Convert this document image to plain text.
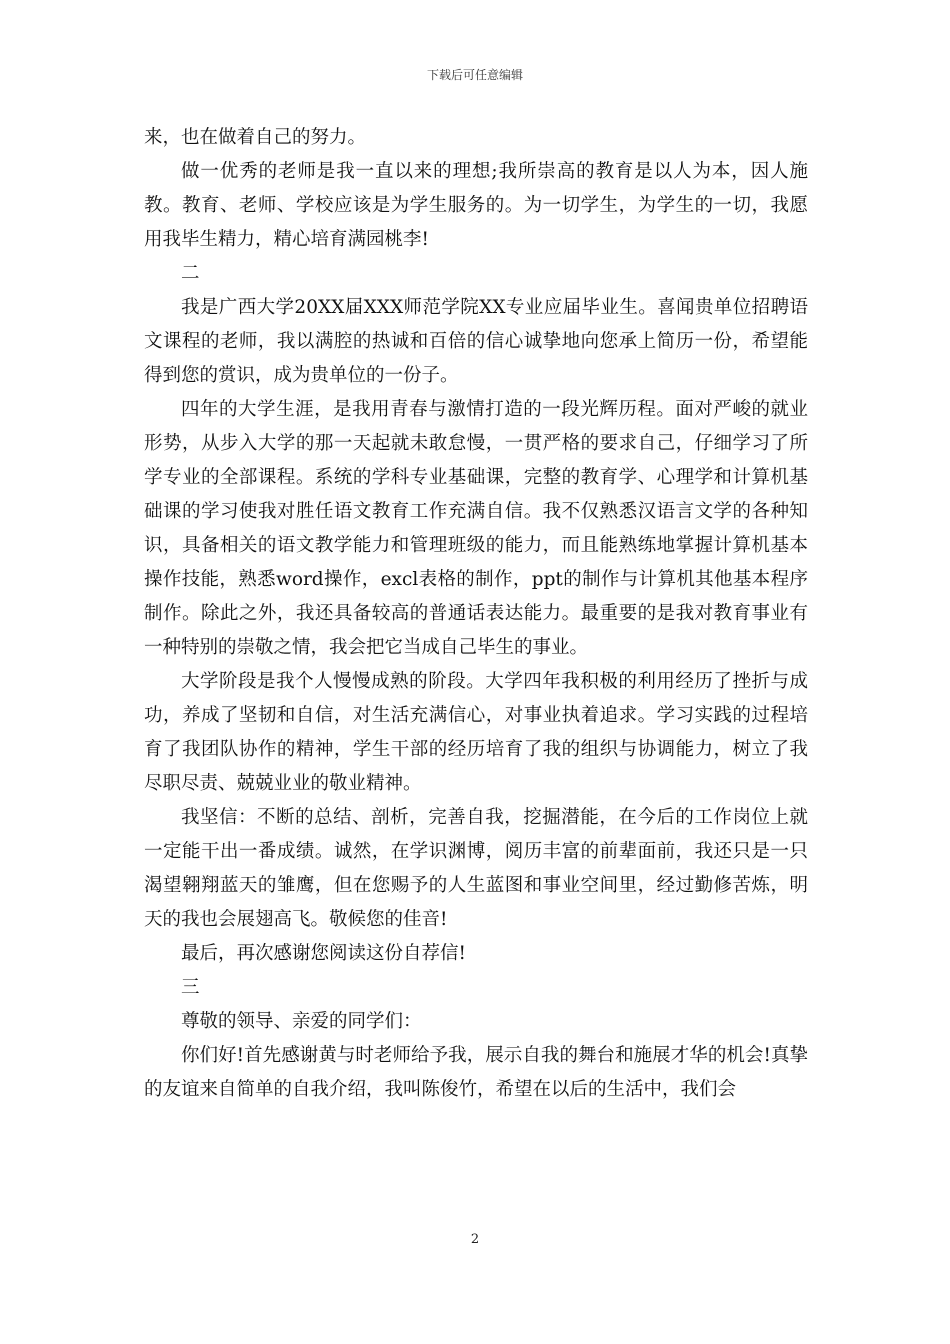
下载后可任意编辑

来，也在做着自己的努力。

做一优秀的老师是我一直以来的理想;我所崇高的教育是以人为本，因人施教。教育、老师、学校应该是为学生服务的。为一切学生，为学生的一切，我愿用我毕生精力，精心培育满园桃李!

二

我是广西大学20XX届XXX师范学院XX专业应届毕业生。喜闻贵单位招聘语文课程的老师，我以满腔的热诚和百倍的信心诚挚地向您承上简历一份，希望能得到您的赏识，成为贵单位的一份子。

四年的大学生涯，是我用青春与激情打造的一段光辉历程。面对严峻的就业形势，从步入大学的那一天起就未敢怠慢，一贯严格的要求自己，仔细学习了所学专业的全部课程。系统的学科专业基础课，完整的教育学、心理学和计算机基础课的学习使我对胜任语文教育工作充满自信。我不仅熟悉汉语言文学的各种知识，具备相关的语文教学能力和管理班级的能力，而且能熟练地掌握计算机基本操作技能，熟悉word操作，excl表格的制作，ppt的制作与计算机其他基本程序制作。除此之外，我还具备较高的普通话表达能力。最重要的是我对教育事业有一种特别的崇敬之情，我会把它当成自己毕生的事业。

大学阶段是我个人慢慢成熟的阶段。大学四年我积极的利用经历了挫折与成功，养成了坚韧和自信，对生活充满信心，对事业执着追求。学习实践的过程培育了我团队协作的精神，学生干部的经历培育了我的组织与协调能力，树立了我尽职尽责、兢兢业业的敬业精神。

我坚信：不断的总结、剖析，完善自我，挖掘潜能，在今后的工作岗位上就一定能干出一番成绩。诚然，在学识渊博，阅历丰富的前辈面前，我还只是一只渴望翱翔蓝天的雏鹰，但在您赐予的人生蓝图和事业空间里，经过勤修苦炼，明天的我也会展翅高飞。敬候您的佳音!

最后，再次感谢您阅读这份自荐信!

三

尊敬的领导、亲爱的同学们：

你们好!首先感谢黄与时老师给予我，展示自我的舞台和施展才华的机会!真挚的友谊来自简单的自我介绍，我叫陈俊竹，希望在以后的生活中，我们会

2
